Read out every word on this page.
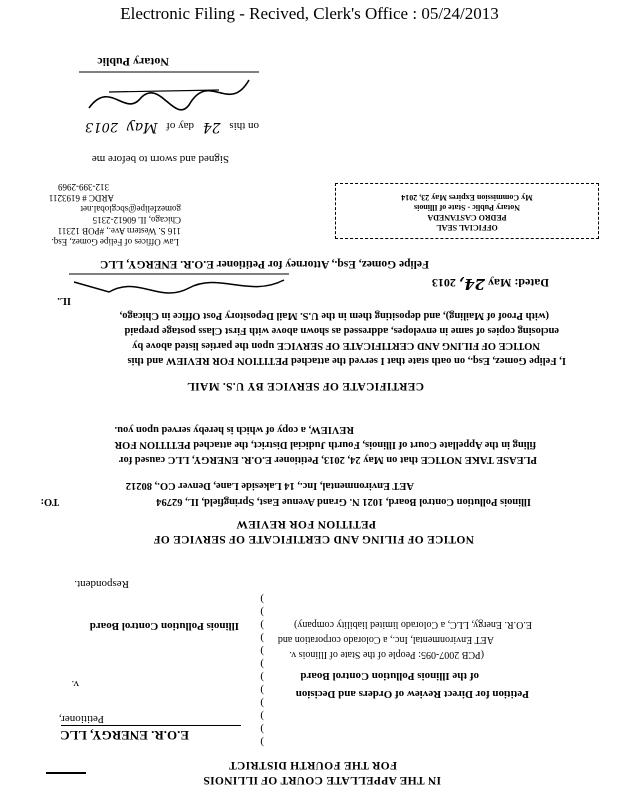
Electronic Filing - Recived, Clerk's Office : 05/24/2013
IN THE APPELLATE COURT OF ILLINOIS
FOR THE FOURTH DISTRICT
E.O.R. ENERGY, LLC
Petitioner,
v.
Illinois Pollution Control Board
Respondent.
)
)
)
)
)
)
)
)
)
)
)
)
Petition for Direct Review of Orders and Decision
of the Illinois Pollution Control Board
(PCB 2007-095: People of the State of Illinois v.
AET Environmental, Inc., a Colorado corporation and
E.O.R. Energy, LLC, a Colorado limited liability company)
NOTICE OF FILING AND CERTIFICATE OF SERVICE OF
PETITION FOR REVIEW
TO:	Illinois Pollution Control Board, 1021 N. Grand Avenue East, Springfield, IL, 62794
AET Environmental, Inc., 14 Lakeside Lane, Denver CO., 80212
PLEASE TAKE NOTICE that on May 24, 2013, Petitioner E.O.R. ENERGY, LLC caused for
filing in the Appellate Court of Illinois, Fourth Judicial District, the attached PETITION FOR
REVIEW, a copy of which is hereby served upon you.
CERTIFICATE OF SERVICE BY U.S. MAIL
I, Felipe Gomez, Esq., on oath state that I served the attached PETITION FOR REVIEW and this
NOTICE OF FILING AND CERTIFICATE OF SERVICE upon the parties listed above by
enclosing copies of same in envelopes, addressed as shown above with First Class postage prepaid
(with Proof of Mailing), and depositing them in the U.S. Mail Depository Post Office in Chicago,
IL.
Dated: May 24, 2013
Felipe Gomez, Esq., Attorney for Petitioner E.O.R. ENERGY, LLC
Law Offices of Felipe Gomez, Esq.
116 S. Western Ave., #POB 12311
Chicago, IL 60612-2315
gomezfelipe@sbcglobal.net
ARDC # 6193211
312-399-2969
OFFICIAL SEAL
PEDRO CASTANEDA
Notary Public - State of Illinois
My Commission Expires May 23, 2014
Signed and sworn to before me
on this 24 day of May 2013
Notary Public
